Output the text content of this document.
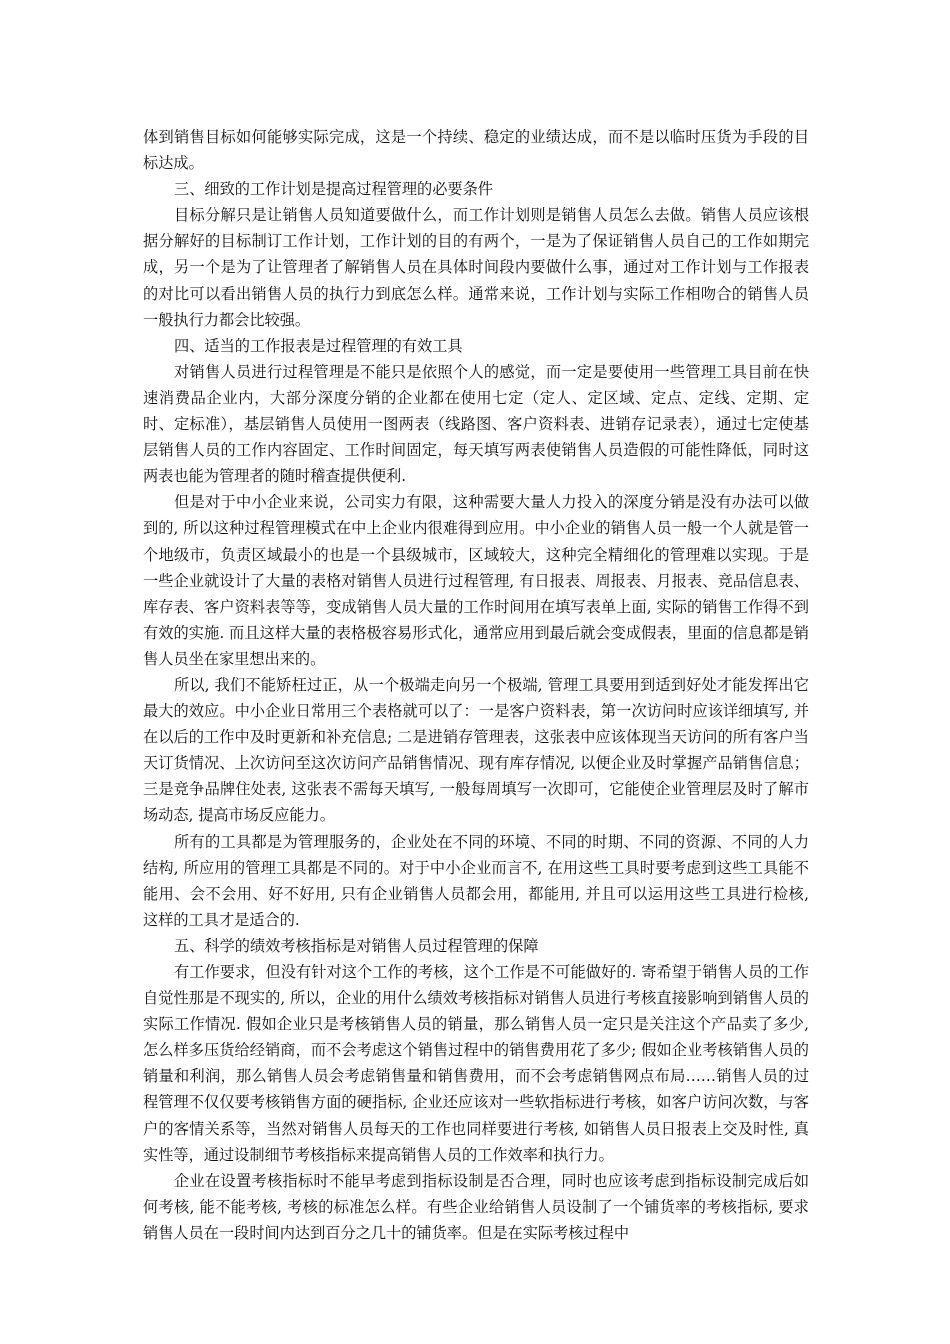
体到销售目标如何能够实际完成，这是一个持续、稳定的业绩达成，而不是以临时压货为手段的目标达成。

三、细致的工作计划是提高过程管理的必要条件

目标分解只是让销售人员知道要做什么，而工作计划则是销售人员怎么去做。销售人员应该根据分解好的目标制订工作计划，工作计划的目的有两个，一是为了保证销售人员自己的工作如期完成，另一个是为了让管理者了解销售人员在具体时间段内要做什么事，通过对工作计划与工作报表的对比可以看出销售人员的执行力到底怎么样。通常来说，工作计划与实际工作相吻合的销售人员一般执行力都会比较强。

四、适当的工作报表是过程管理的有效工具

对销售人员进行过程管理是不能只是依照个人的感觉，而一定是要使用一些管理工具目前在快速消费品企业内，大部分深度分销的企业都在使用七定（定人、定区域、定点、定线、定期、定时、定标准），基层销售人员使用一图两表（线路图、客户资料表、进销存记录表），通过七定使基层销售人员的工作内容固定、工作时间固定，每天填写两表使销售人员造假的可能性降低，同时这两表也能为管理者的随时稽查提供便利.

但是对于中小企业来说，公司实力有限，这种需要大量人力投入的深度分销是没有办法可以做到的, 所以这种过程管理模式在中上企业内很难得到应用。中小企业的销售人员一般一个人就是管一个地级市，负责区域最小的也是一个县级城市，区域较大，这种完全精细化的管理难以实现。于是一些企业就设计了大量的表格对销售人员进行过程管理, 有日报表、周报表、月报表、竞品信息表、库存表、客户资料表等等，变成销售人员大量的工作时间用在填写表单上面, 实际的销售工作得不到有效的实施. 而且这样大量的表格极容易形式化，通常应用到最后就会变成假表，里面的信息都是销售人员坐在家里想出来的。

所以, 我们不能矫枉过正，从一个极端走向另一个极端, 管理工具要用到适到好处才能发挥出它最大的效应。中小企业日常用三个表格就可以了：一是客户资料表，第一次访问时应该详细填写, 并在以后的工作中及时更新和补充信息; 二是进销存管理表，这张表中应该体现当天访问的所有客户当天订货情况、上次访问至这次访问产品销售情况、现有库存情况, 以便企业及时掌握产品销售信息；三是竞争品牌住处表, 这张表不需每天填写, 一般每周填写一次即可，它能使企业管理层及时了解市场动态, 提高市场反应能力。

所有的工具都是为管理服务的，企业处在不同的环境、不同的时期、不同的资源、不同的人力结构, 所应用的管理工具都是不同的。对于中小企业而言不, 在用这些工具时要考虑到这些工具能不能用、会不会用、好不好用, 只有企业销售人员都会用，都能用, 并且可以运用这些工具进行检核, 这样的工具才是适合的.

五、科学的绩效考核指标是对销售人员过程管理的保障

有工作要求，但没有针对这个工作的考核，这个工作是不可能做好的. 寄希望于销售人员的工作自觉性那是不现实的, 所以，企业的用什么绩效考核指标对销售人员进行考核直接影响到销售人员的实际工作情况. 假如企业只是考核销售人员的销量，那么销售人员一定只是关注这个产品卖了多少, 怎么样多压货给经销商，而不会考虑这个销售过程中的销售费用花了多少; 假如企业考核销售人员的销量和利润，那么销售人员会考虑销售量和销售费用，而不会考虑销售网点布局……销售人员的过程管理不仅仅要考核销售方面的硬指标, 企业还应该对一些软指标进行考核，如客户访问次数，与客户的客情关系等，当然对销售人员每天的工作也同样要进行考核, 如销售人员日报表上交及时性, 真实性等，通过设制细节考核指标来提高销售人员的工作效率和执行力。

企业在设置考核指标时不能早考虑到指标设制是否合理，同时也应该考虑到指标设制完成后如何考核, 能不能考核, 考核的标准怎么样。有些企业给销售人员设制了一个铺货率的考核指标, 要求销售人员在一段时间内达到百分之几十的铺货率。但是在实际考核过程中
